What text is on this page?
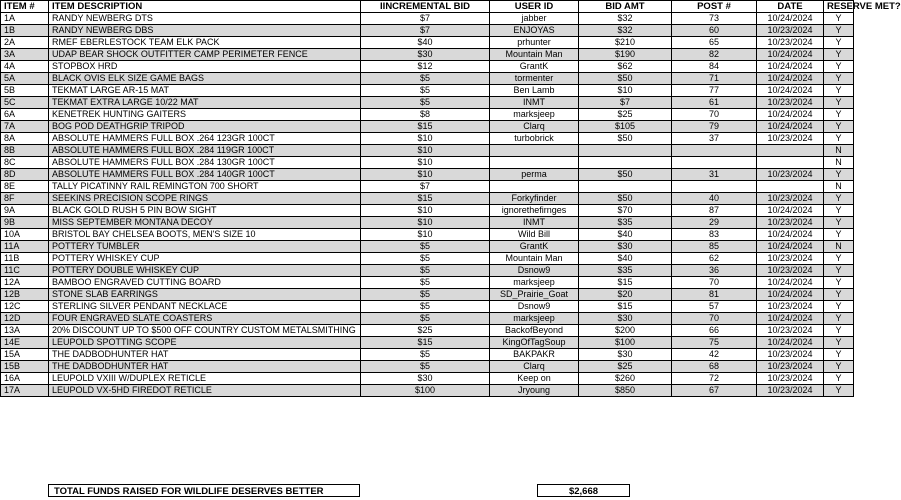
ITEM #	ITEM DESCRIPTION	IINCREMENTAL BID	USER ID	BID AMT	POST #	DATE	RESERVE MET?
1A	RANDY NEWBERG DTS	$7	jabber	$32	73	10/24/2024	Y
1B	RANDY NEWBERG DBS	$7	ENJOYAS	$32	60	10/23/2024	Y
2A	RMEF EBERLESTOCK TEAM ELK PACK	$40	prhunter	$210	65	10/23/2024	Y
3A	UDAP BEAR SHOCK OUTFITTER CAMP PERIMETER FENCE	$30	Mountain Man	$190	82	10/24/2024	Y
4A	STOPBOX HRD	$12	GrantK	$62	84	10/24/2024	Y
5A	BLACK OVIS ELK SIZE GAME BAGS	$5	tormenter	$50	71	10/24/2024	Y
5B	TEKMAT LARGE AR-15 MAT	$5	Ben Lamb	$10	77	10/24/2024	Y
5C	TEKMAT EXTRA LARGE 10/22 MAT	$5	INMT	$7	61	10/23/2024	Y
6A	KENETREK HUNTING GAITERS	$8	marksjeep	$25	70	10/24/2024	Y
7A	BOG POD DEATHGRIP TRIPOD	$15	Clarq	$105	79	10/24/2024	Y
8A	ABSOLUTE HAMMERS FULL BOX .264 123GR 100CT	$10	turbobrick	$50	37	10/23/2024	Y
8B	ABSOLUTE HAMMERS FULL BOX .284 119GR 100CT	$10					N
8C	ABSOLUTE HAMMERS FULL BOX .284 130GR 100CT	$10					N
8D	ABSOLUTE HAMMERS FULL BOX .284 140GR 100CT	$10	perma	$50	31	10/23/2024	Y
8E	TALLY PICATINNY RAIL REMINGTON 700 SHORT	$7					N
8F	SEEKINS PRECISION SCOPE RINGS	$15	Forkyfinder	$50	40	10/23/2024	Y
9A	BLACK GOLD RUSH 5 PIN BOW SIGHT	$10	ignorethefirnges	$70	87	10/24/2024	Y
9B	MISS SEPTEMBER MONTANA DECOY	$10	INMT	$35	29	10/23/2024	Y
10A	BRISTOL BAY CHELSEA BOOTS, MEN'S SIZE 10	$10	Wild Bill	$40	83	10/24/2024	Y
11A	POTTERY TUMBLER	$5	GrantK	$30	85	10/24/2024	N
11B	POTTERY WHISKEY CUP	$5	Mountain Man	$40	62	10/23/2024	Y
11C	POTTERY DOUBLE WHISKEY CUP	$5	Dsnow9	$35	36	10/23/2024	Y
12A	BAMBOO ENGRAVED CUTTING BOARD	$5	marksjeep	$15	70	10/24/2024	Y
12B	STONE SLAB EARRINGS	$5	SD_Prairie_Goat	$20	81	10/24/2024	Y
12C	STERLING SILVER PENDANT NECKLACE	$5	Dsnow9	$15	57	10/23/2024	Y
12D	FOUR ENGRAVED SLATE COASTERS	$5	marksjeep	$30	70	10/24/2024	Y
13A	20% DISCOUNT UP TO $500 OFF COUNTRY CUSTOM METALSMITHING	$25	BackofBeyond	$200	66	10/23/2024	Y
14E	LEUPOLD SPOTTING SCOPE	$15	KingOfTagSoup	$100	75	10/24/2024	Y
15A	THE DADBODHUNTER HAT	$5	BAKPAKR	$30	42	10/23/2024	Y
15B	THE DADBODHUNTER HAT	$5	Clarq	$25	68	10/23/2024	Y
16A	LEUPOLD VXIII W/DUPLEX RETICLE	$30	Keep on	$260	72	10/23/2024	Y
17A	LEUPOLD VX-5HD FIREDOT RETICLE	$100	Jryoung	$850	67	10/23/2024	Y
TOTAL FUNDS RAISED FOR WILDLIFE DESERVES BETTER	$2,668
